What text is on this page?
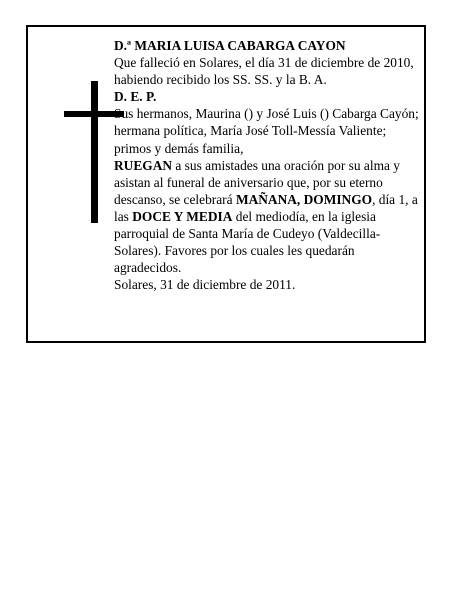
D.ª MARIA LUISA CABARGA CAYON

Que falleció en Solares, el día 31 de diciembre de 2010, habiendo recibido los SS. SS. y la B. A.

D. E. P.

Sus hermanos, Maurina () y José Luis () Cabarga Cayón; hermana política, María José Toll-Messía Valiente; primos y demás familia,

RUEGAN a sus amistades una oración por su alma y asistan al funeral de aniversario que, por su eterno descanso, se celebrará MAÑANA, DOMINGO, día 1, a las DOCE Y MEDIA del mediodía, en la iglesia parroquial de Santa María de Cudeyo (Valdecilla-Solares). Favores por los cuales les quedarán agradecidos.

Solares, 31 de diciembre de 2011.
